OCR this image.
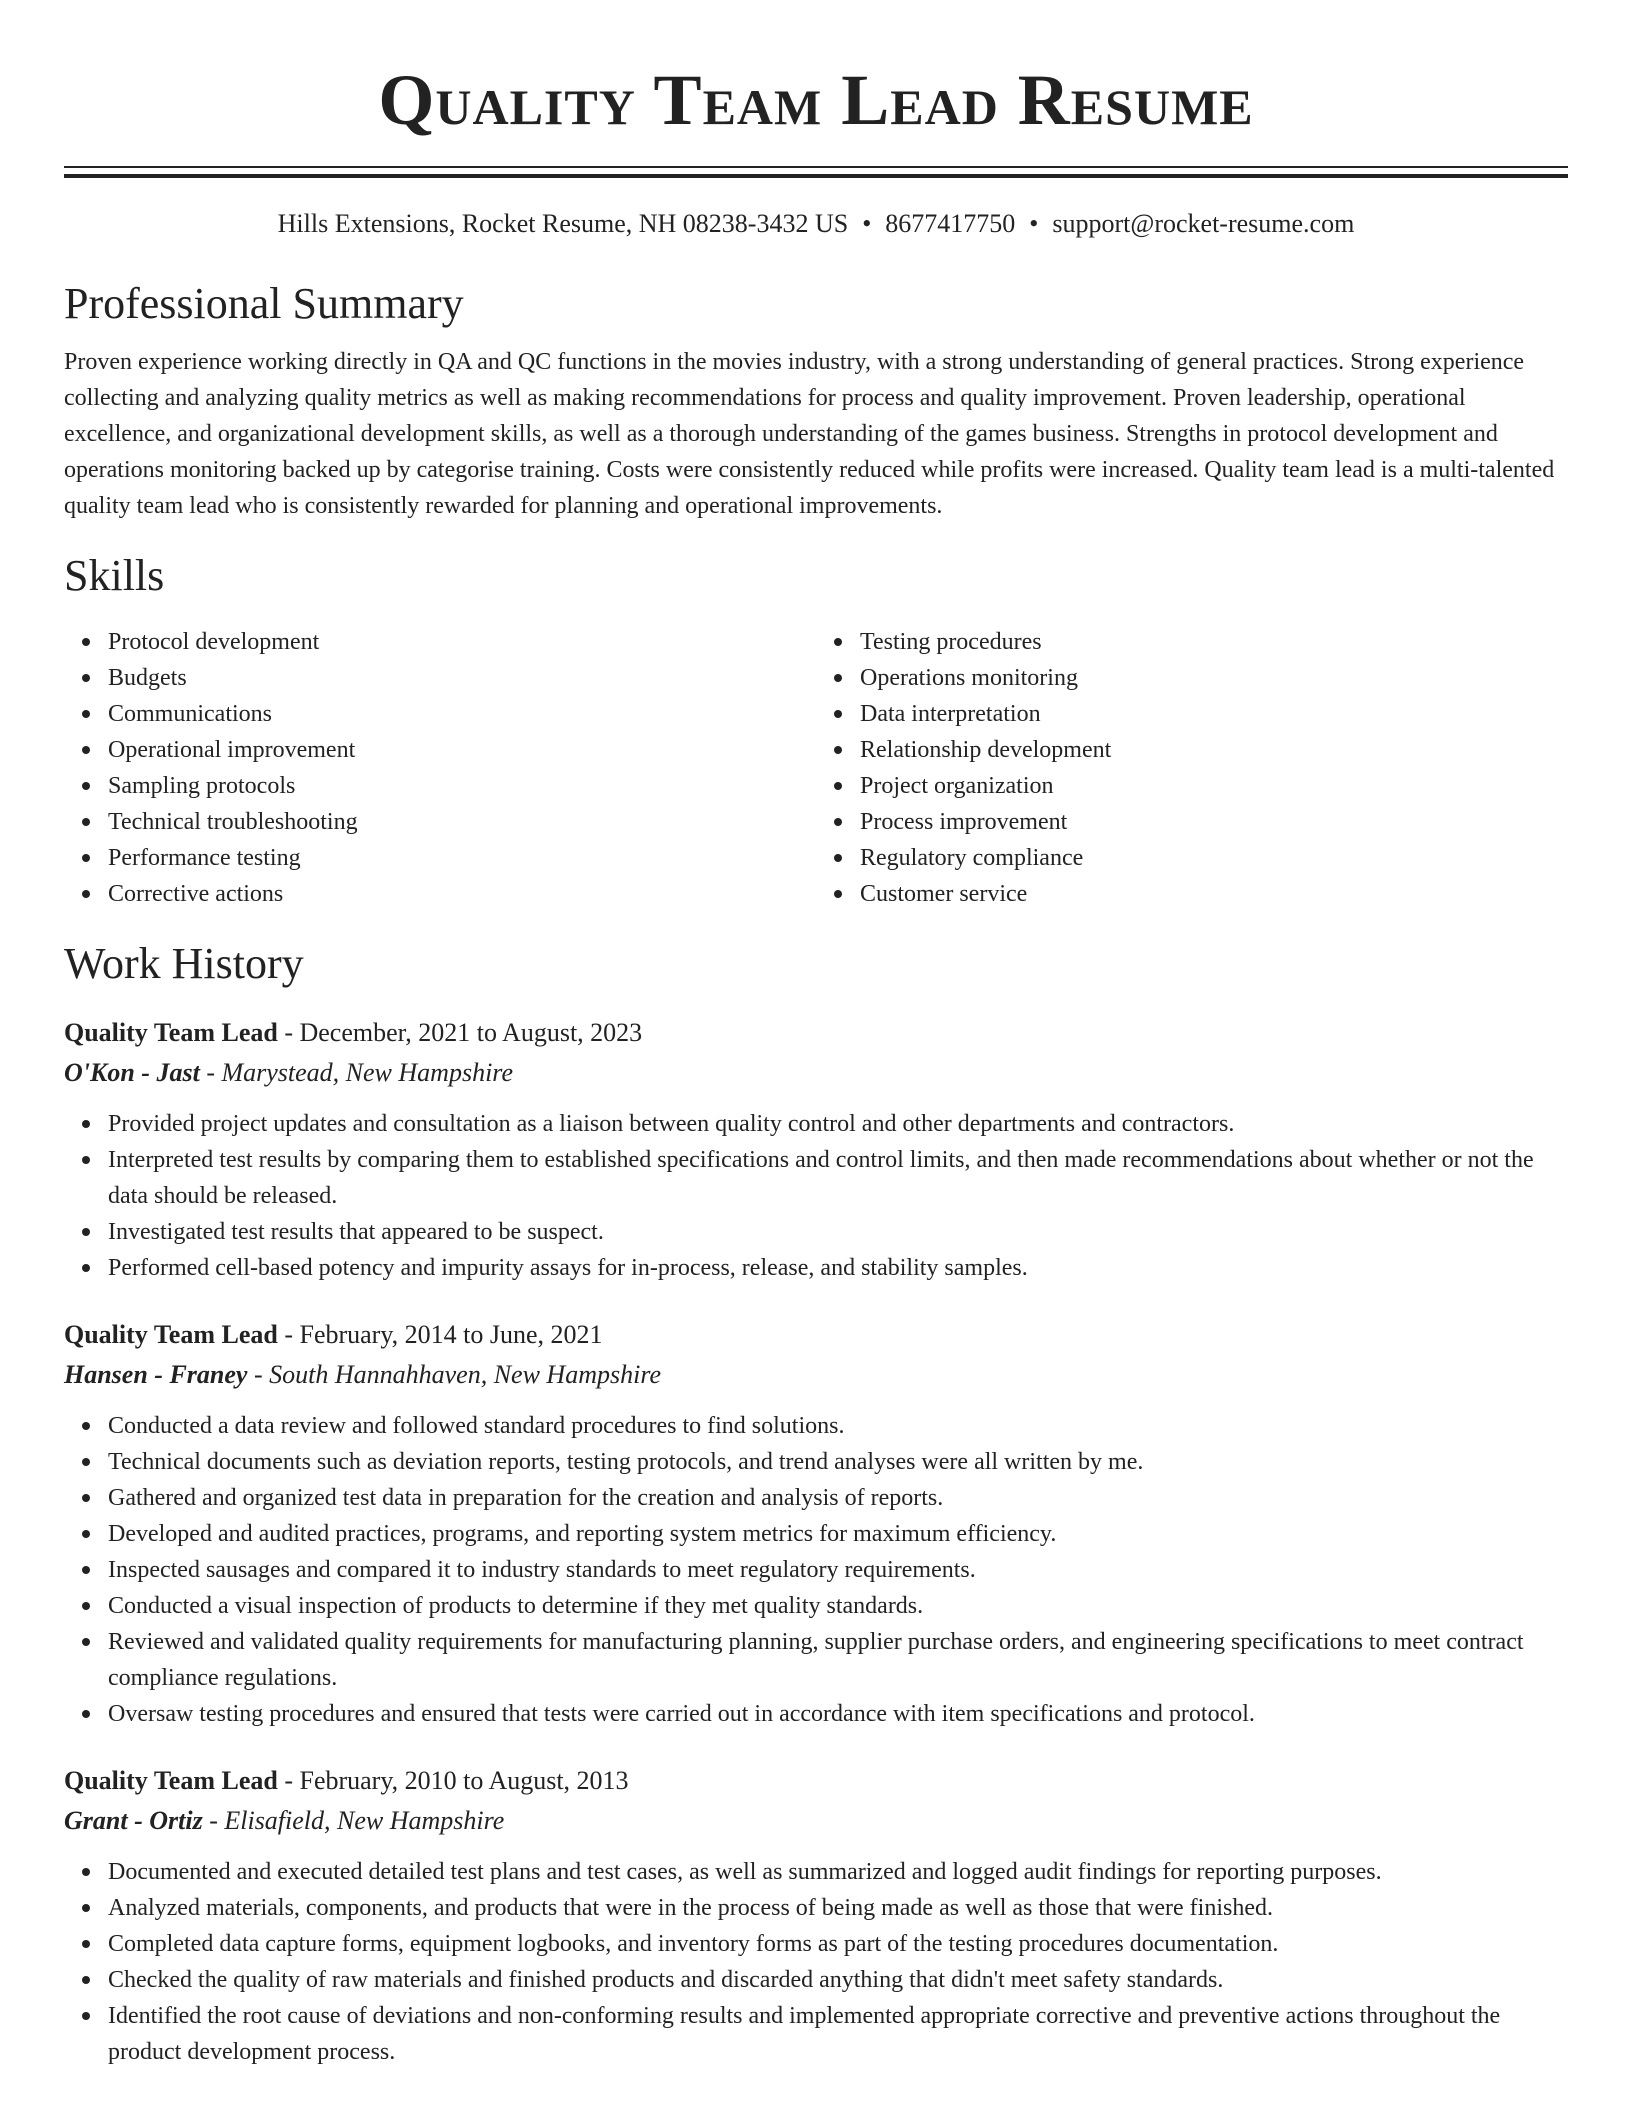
Quality Team Lead Resume
Hills Extensions, Rocket Resume, NH 08238-3432 US • 8677417750 • support@rocket-resume.com
Professional Summary

Proven experience working directly in QA and QC functions in the movies industry, with a strong understanding of general practices. Strong experience collecting and analyzing quality metrics as well as making recommendations for process and quality improvement. Proven leadership, operational excellence, and organizational development skills, as well as a thorough understanding of the games business. Strengths in protocol development and operations monitoring backed up by categorise training. Costs were consistently reduced while profits were increased. Quality team lead is a multi-talented quality team lead who is consistently rewarded for planning and operational improvements.

Skills
Protocol development
Budgets
Communications
Operational improvement
Sampling protocols
Technical troubleshooting
Performance testing
Corrective actions
Testing procedures
Operations monitoring
Data interpretation
Relationship development
Project organization
Process improvement
Regulatory compliance
Customer service
Work History
Quality Team Lead - December, 2021 to August, 2023
O'Kon - Jast - Marystead, New Hampshire
Provided project updates and consultation as a liaison between quality control and other departments and contractors.
Interpreted test results by comparing them to established specifications and control limits, and then made recommendations about whether or not the data should be released.
Investigated test results that appeared to be suspect.
Performed cell-based potency and impurity assays for in-process, release, and stability samples.
Quality Team Lead - February, 2014 to June, 2021
Hansen - Franey - South Hannahhaven, New Hampshire
Conducted a data review and followed standard procedures to find solutions.
Technical documents such as deviation reports, testing protocols, and trend analyses were all written by me.
Gathered and organized test data in preparation for the creation and analysis of reports.
Developed and audited practices, programs, and reporting system metrics for maximum efficiency.
Inspected sausages and compared it to industry standards to meet regulatory requirements.
Conducted a visual inspection of products to determine if they met quality standards.
Reviewed and validated quality requirements for manufacturing planning, supplier purchase orders, and engineering specifications to meet contract compliance regulations.
Oversaw testing procedures and ensured that tests were carried out in accordance with item specifications and protocol.
Quality Team Lead - February, 2010 to August, 2013
Grant - Ortiz - Elisafield, New Hampshire
Documented and executed detailed test plans and test cases, as well as summarized and logged audit findings for reporting purposes.
Analyzed materials, components, and products that were in the process of being made as well as those that were finished.
Completed data capture forms, equipment logbooks, and inventory forms as part of the testing procedures documentation.
Checked the quality of raw materials and finished products and discarded anything that didn't meet safety standards.
Identified the root cause of deviations and non-conforming results and implemented appropriate corrective and preventive actions throughout the product development process.
